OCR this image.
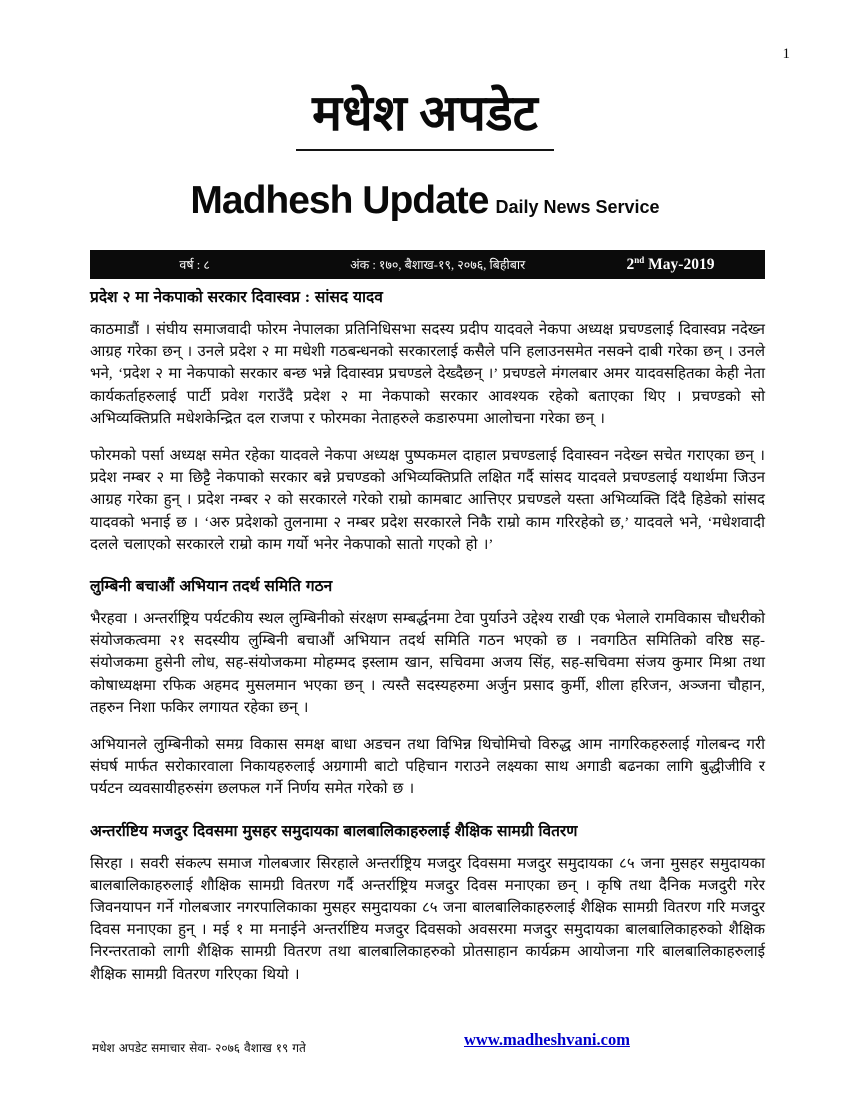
1
मधेश अपडेट
Madhesh Update Daily News Service
वर्ष : ८	अंक : १७०, बैशाख-१९, २०७६, बिहीबार	2nd May-2019
प्रदेश २ मा नेकपाको सरकार दिवास्वप्न : सांसद यादव

काठमाडौं । संघीय समाजवादी फोरम नेपालका प्रतिनिधिसभा सदस्य प्रदीप यादवले नेकपा अध्यक्ष प्रचण्डलाई दिवास्वप्न नदेख्न आग्रह गरेका छन् । उनले प्रदेश २ मा मधेशी गठबन्धनको सरकारलाई कसैले पनि हलाउनसमेत नसक्ने दाबी गरेका छन् । उनले भने, ‘प्रदेश २ मा नेकपाको सरकार बन्छ भन्ने दिवास्वप्न प्रचण्डले देख्दैछन् ।’ प्रचण्डले मंगलबार अमर यादवसहितका केही नेता कार्यकर्ताहरुलाई पार्टी प्रवेश गराउँदै प्रदेश २ मा नेकपाको सरकार आवश्यक रहेको बताएका थिए । प्रचण्डको सो अभिव्यक्तिप्रति मधेशकेन्द्रित दल राजपा र फोरमका नेताहरुले कडारुपमा आलोचना गरेका छन् ।

फोरमको पर्सा अध्यक्ष समेत रहेका यादवले नेकपा अध्यक्ष पुष्पकमल दाहाल प्रचण्डलाई दिवास्वन नदेख्न सचेत गराएका छन् । प्रदेश नम्बर २ मा छिट्टै नेकपाको सरकार बन्ने प्रचण्डको अभिव्यक्तिप्रति लक्षित गर्दै सांसद यादवले प्रचण्डलाई यथार्थमा जिउन आग्रह गरेका हुन् । प्रदेश नम्बर २ को सरकारले गरेको राम्रो कामबाट आत्तिएर प्रचण्डले यस्ता अभिव्यक्ति दिंदै हिडेको सांसद यादवको भनाई छ । ‘अरु प्रदेशको तुलनामा २ नम्बर प्रदेश सरकारले निकै राम्रो काम गरिरहेको छ,’ यादवले भने, ‘मधेशवादी दलले चलाएको सरकारले राम्रो काम गर्यो भनेर नेकपाको सातो गएको हो ।’

लुम्बिनी बचाऔं अभियान तदर्थ समिति गठन

भैरहवा । अन्तर्राष्ट्रिय पर्यटकीय स्थल लुम्बिनीको संरक्षण सम्बर्द्धनमा टेवा पुर्याउने उद्देश्य राखी एक भेलाले रामविकास चौधरीको संयोजकत्वमा २१ सदस्यीय लुम्बिनी बचाऔं अभियान तदर्थ समिति गठन भएको छ । नवगठित समितिको वरिष्ठ सह-संयोजकमा हुसेनी लोध, सह-संयोजकमा मोहम्मद इस्लाम खान, सचिवमा अजय सिंह, सह-सचिवमा संजय कुमार मिश्रा तथा कोषाध्यक्षमा रफिक अहमद मुसलमान भएका छन् । त्यस्तै सदस्यहरुमा अर्जुन प्रसाद कुर्मी, शीला हरिजन, अञ्जना चौहान, तहरुन निशा फकिर लगायत रहेका छन् ।

अभियानले लुम्बिनीको समग्र विकास समक्ष बाधा अडचन तथा विभिन्न थिचोमिचो विरुद्ध आम नागरिकहरुलाई गोलबन्द गरी संघर्ष मार्फत सरोकारवाला निकायहरुलाई अग्रगामी बाटो पहिचान गराउने लक्ष्यका साथ अगाडी बढनका लागि बुद्धीजीवि र पर्यटन व्यवसायीहरुसंग छलफल गर्ने निर्णय समेत गरेको छ ।

अन्तर्राष्टिय मजदुर दिवसमा मुसहर समुदायका बालबालिकाहरुलाई शैक्षिक सामग्री वितरण

सिरहा । सवरी संकल्प समाज गोलबजार सिरहाले अन्तर्राष्ट्रिय मजदुर दिवसमा मजदुर समुदायका ८५ जना मुसहर समुदायका बालबालिकाहरुलाई शौक्षिक सामग्री वितरण गर्दै अन्तर्राष्ट्रिय मजदुर दिवस मनाएका छन् । कृषि तथा दैनिक मजदुरी गरेर जिवनयापन गर्ने गोलबजार नगरपालिकाका मुसहर समुदायका ८५ जना बालबालिकाहरुलाई शैक्षिक सामग्री वितरण गरि मजदुर दिवस मनाएका हुन् । मई १ मा मनाईने अन्तर्राष्टिय मजदुर दिवसको अवसरमा मजदुर समुदायका बालबालिकाहरुको शैक्षिक निरन्तरताको लागी शैक्षिक सामग्री वितरण तथा बालबालिकाहरुको प्रोतसाहान कार्यक्रम आयोजना गरि बालबालिकाहरुलाई शैक्षिक सामग्री वितरण गरिएका थियो ।

मधेश अपडेट समाचार सेवा- २०७६ वैशाख १९ गते	www.madheshvani.com
